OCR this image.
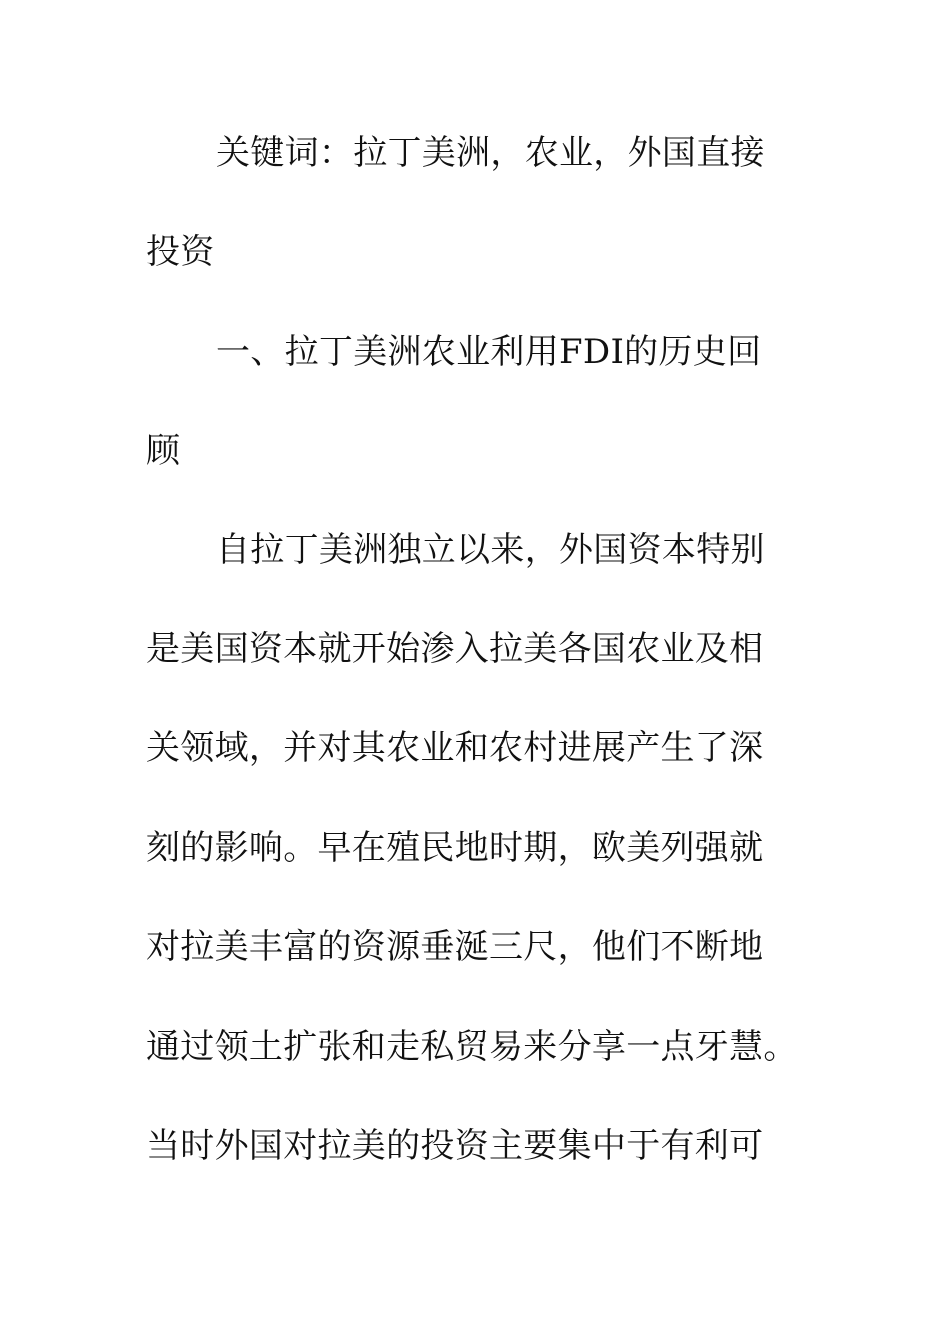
关键词：拉丁美洲，农业，外国直接
投资
一、拉丁美洲农业利用FDI的历史回
顾
自拉丁美洲独立以来，外国资本特别
是美国资本就开始渗入拉美各国农业及相
关领域，并对其农业和农村进展产生了深
刻的影响。早在殖民地时期，欧美列强就
对拉美丰富的资源垂涎三尺，他们不断地
通过领土扩张和走私贸易来分享一点牙慧。
当时外国对拉美的投资主要集中于有利可
